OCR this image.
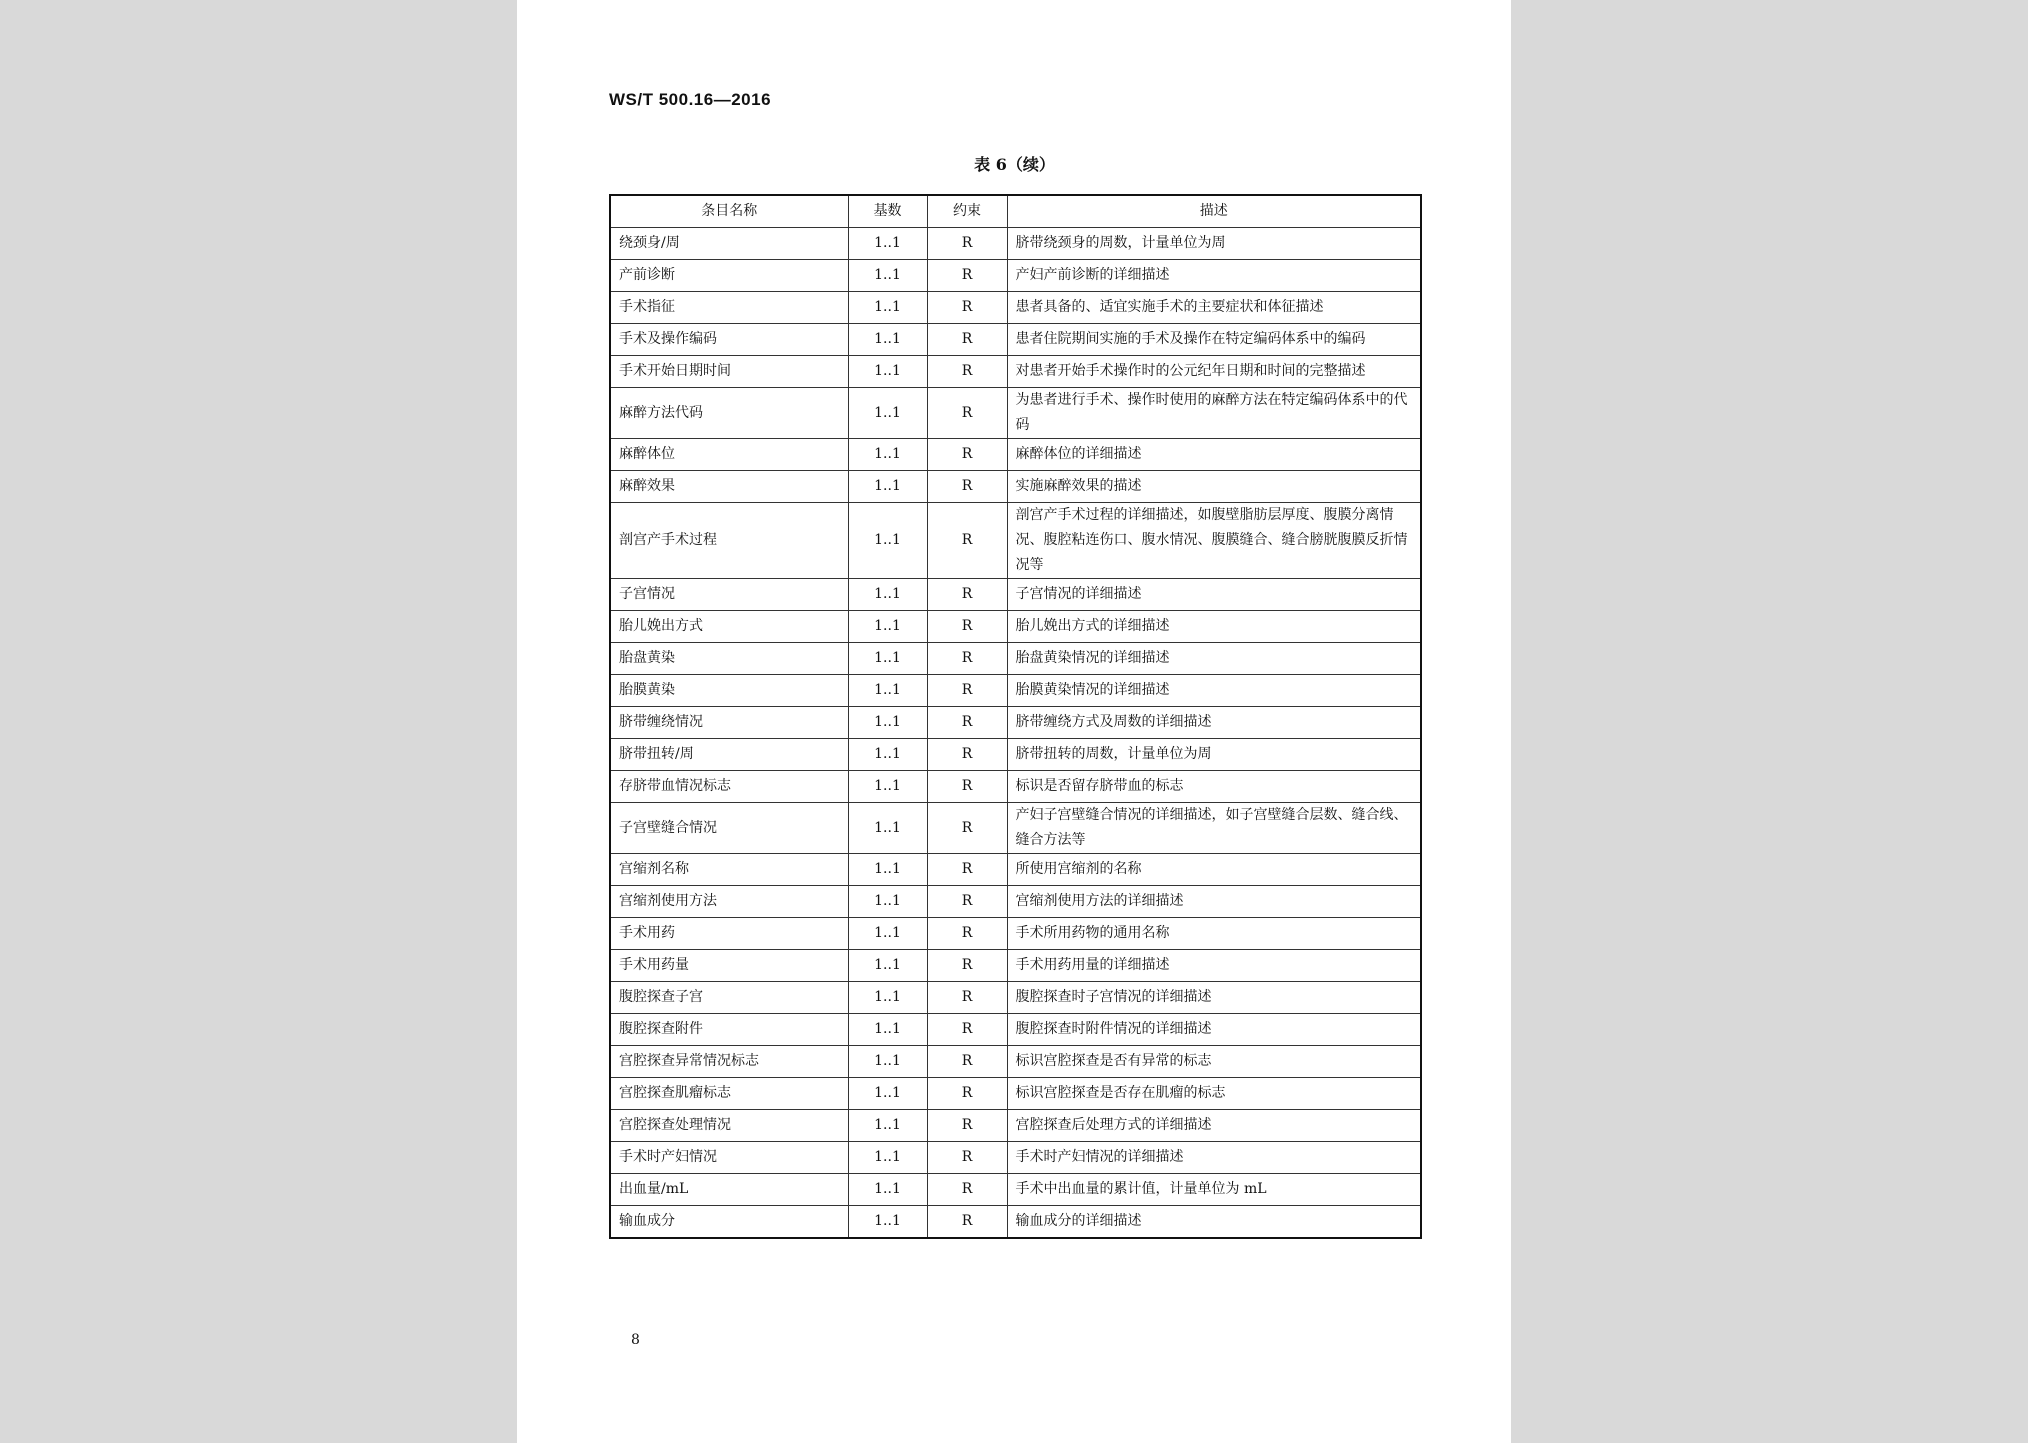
WS/T 500.16—2016
表 6（续）
条目名称	基数	约束	描述
绕颈身/周	1..1	R	脐带绕颈身的周数，计量单位为周
产前诊断	1..1	R	产妇产前诊断的详细描述
手术指征	1..1	R	患者具备的、适宜实施手术的主要症状和体征描述
手术及操作编码	1..1	R	患者住院期间实施的手术及操作在特定编码体系中的编码
手术开始日期时间	1..1	R	对患者开始手术操作时的公元纪年日期和时间的完整描述
麻醉方法代码	1..1	R	为患者进行手术、操作时使用的麻醉方法在特定编码体系中的代码
麻醉体位	1..1	R	麻醉体位的详细描述
麻醉效果	1..1	R	实施麻醉效果的描述
剖宫产手术过程	1..1	R	剖宫产手术过程的详细描述，如腹壁脂肪层厚度、腹膜分离情况、腹腔粘连伤口、腹水情况、腹膜缝合、缝合膀胱腹膜反折情况等
子宫情况	1..1	R	子宫情况的详细描述
胎儿娩出方式	1..1	R	胎儿娩出方式的详细描述
胎盘黄染	1..1	R	胎盘黄染情况的详细描述
胎膜黄染	1..1	R	胎膜黄染情况的详细描述
脐带缠绕情况	1..1	R	脐带缠绕方式及周数的详细描述
脐带扭转/周	1..1	R	脐带扭转的周数，计量单位为周
存脐带血情况标志	1..1	R	标识是否留存脐带血的标志
子宫壁缝合情况	1..1	R	产妇子宫壁缝合情况的详细描述，如子宫壁缝合层数、缝合线、缝合方法等
宫缩剂名称	1..1	R	所使用宫缩剂的名称
宫缩剂使用方法	1..1	R	宫缩剂使用方法的详细描述
手术用药	1..1	R	手术所用药物的通用名称
手术用药量	1..1	R	手术用药用量的详细描述
腹腔探查子宫	1..1	R	腹腔探查时子宫情况的详细描述
腹腔探查附件	1..1	R	腹腔探查时附件情况的详细描述
宫腔探查异常情况标志	1..1	R	标识宫腔探查是否有异常的标志
宫腔探查肌瘤标志	1..1	R	标识宫腔探查是否存在肌瘤的标志
宫腔探查处理情况	1..1	R	宫腔探查后处理方式的详细描述
手术时产妇情况	1..1	R	手术时产妇情况的详细描述
出血量/mL	1..1	R	手术中出血量的累计值，计量单位为 mL
输血成分	1..1	R	输血成分的详细描述
8
